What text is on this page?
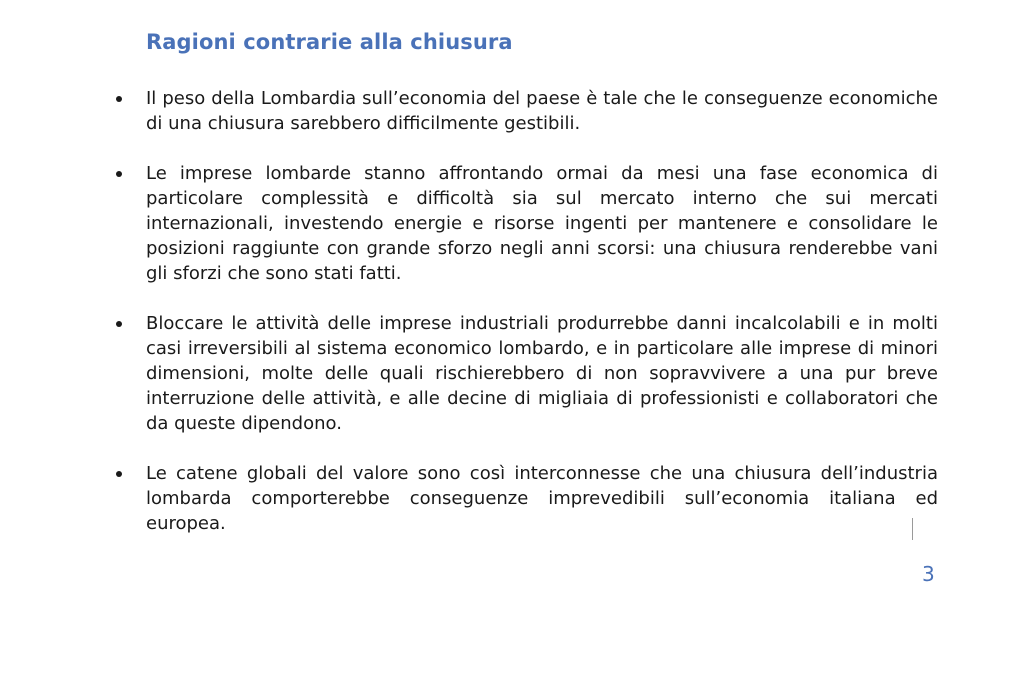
Ragioni contrarie alla chiusura
Il peso della Lombardia sull’economia del paese è tale che le conseguenze economiche di una chiusura sarebbero difficilmente gestibili.
Le imprese lombarde stanno affrontando ormai da mesi una fase economica di particolare complessità e difficoltà sia sul mercato interno che sui mercati internazionali, investendo energie e risorse ingenti per mantenere e consolidare le posizioni raggiunte con grande sforzo negli anni scorsi: una chiusura renderebbe vani gli sforzi che sono stati fatti.
Bloccare le attività delle imprese industriali produrrebbe danni incalcolabili e in molti casi irreversibili al sistema economico lombardo, e in particolare alle imprese di minori dimensioni, molte delle quali rischierebbero di non sopravvivere a una pur breve interruzione delle attività, e alle decine di migliaia di professionisti e collaboratori che da queste dipendono.
Le catene globali del valore sono così interconnesse che una chiusura dell’industria lombarda comporterebbe conseguenze imprevedibili sull’economia italiana ed europea.
3
